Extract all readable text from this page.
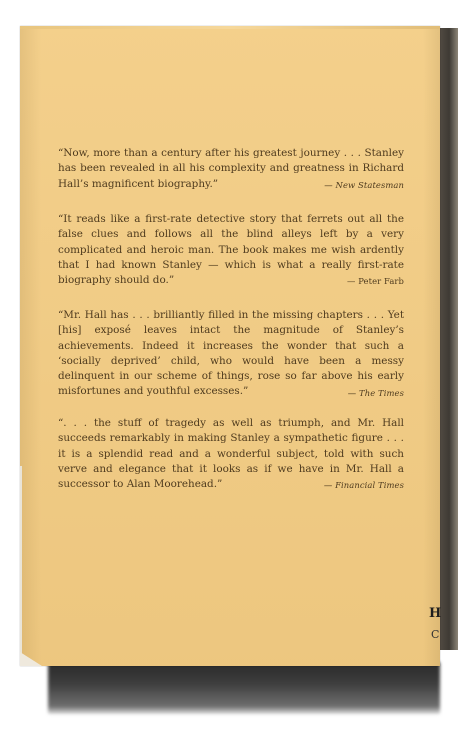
“Now, more than a century after his greatest journey . . . Stanley has been revealed in all his complexity and greatness in Richard Hall’s magnificent biography.”	— New Statesman
“It reads like a first-rate detective story that ferrets out all the false clues and follows all the blind alleys left by a very complicated and heroic man. The book makes me wish ardently that I had known Stanley — which is what a really first-rate biography should do.”	— Peter Farb
“Mr. Hall has . . . brilliantly filled in the missing chapters . . . Yet [his] exposé leaves intact the magnitude of Stanley’s achievements. Indeed it increases the wonder that such a ‘socially deprived’ child, who would have been a messy delinquent in our scheme of things, rose so far above his early misfortunes and youthful excesses.”	— The Times
“. . . the stuff of tragedy as well as triumph, and Mr. Hall succeeds remarkably in making Stanley a sympathetic figure . . . it is a splendid read and a wonderful subject, told with such verve and elegance that it looks as if we have in Mr. Hall a successor to Alan Moorehead.”	— Financial Times
H
C
